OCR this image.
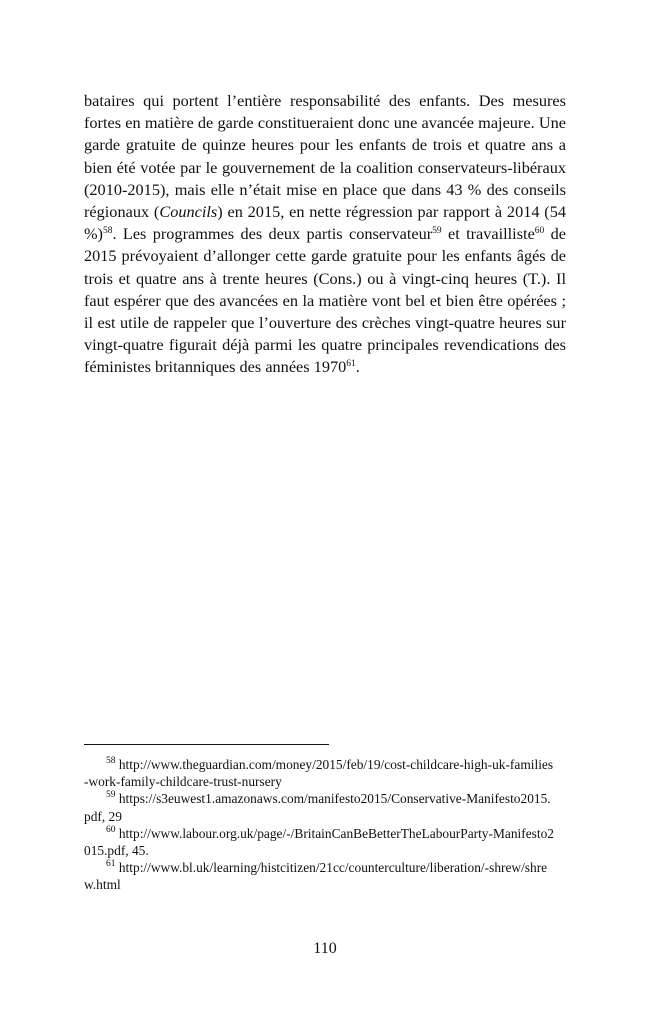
bataires qui portent l’entière responsabilité des enfants. Des mesures fortes en matière de garde constitueraient donc une avancée majeure. Une garde gratuite de quinze heures pour les enfants de trois et quatre ans a bien été votée par le gouvernement de la coalition conservateurs-libéraux (2010-2015), mais elle n’était mise en place que dans 43 % des conseils régionaux (Councils) en 2015, en nette régression par rapport à 2014 (54 %)$^{58}$. Les programmes des deux partis conservateur$^{59}$ et travailliste$^{60}$ de 2015 prévoyaient d’allonger cette garde gratuite pour les enfants âgés de trois et quatre ans à trente heures (Cons.) ou à vingt-cinq heures (T.). Il faut espérer que des avancées en la matière vont bel et bien être opérées ; il est utile de rappeler que l’ouverture des crèches vingt-quatre heures sur vingt-quatre figurait déjà parmi les quatre principales revendications des féministes britanniques des années 1970$^{61}$.
$^{58}$ http://www.theguardian.com/money/2015/feb/19/cost-childcare-high-uk-families-work-family-childcare-trust-nursery
$^{59}$ https://s3euwest1.amazonaws.com/manifesto2015/Conservative-Manifesto2015.pdf, 29
$^{60}$ http://www.labour.org.uk/page/-/BritainCanBeBetterTheLabourParty-Manifesto2015.pdf, 45.
$^{61}$ http://www.bl.uk/learning/histcitizen/21cc/counterculture/liberation/-shrew/shrew.html
110
